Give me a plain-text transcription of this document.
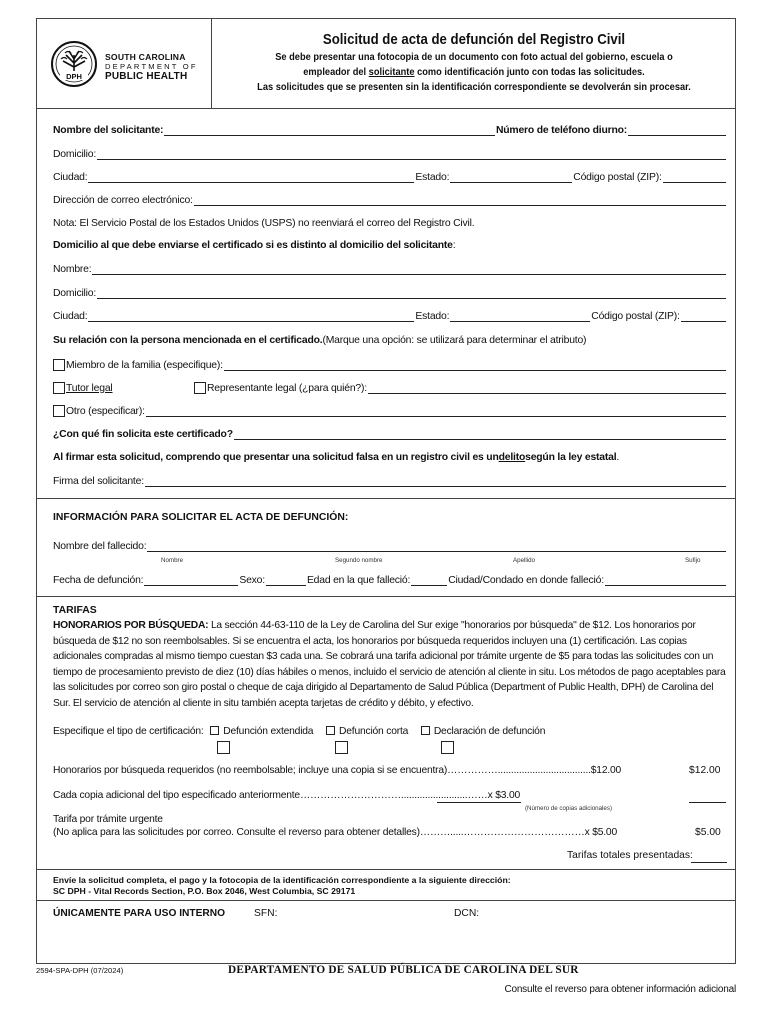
DPH
SOUTH CAROLINA
DEPARTMENT OF
PUBLIC HEALTH
Solicitud de acta de defunción del Registro Civil
Se debe presentar una fotocopia de un documento con foto actual del gobierno, escuela o
empleador del solicitante como identificación junto con todas las solicitudes.
Las solicitudes que se presenten sin la identificación correspondiente se devolverán sin procesar.
Nombre del solicitante:	Número de teléfono diurno:
Domicilio:
Ciudad:	Estado:	Código postal (ZIP):
Dirección de correo electrónico:
Nota: El Servicio Postal de los Estados Unidos (USPS) no reenviará el correo del Registro Civil.
Domicilio al que debe enviarse el certificado si es distinto al domicilio del solicitante :
Nombre:
Domicilio:
Ciudad:	Estado:	Código postal (ZIP):
Su relación con la persona mencionada en el certificado. (Marque una opción: se utilizará para determinar el atributo)
Miembro de la familia (especifique):
Tutor legal	Representante legal (¿para quién?):
Otro (especificar):
¿Con qué fin solicita este certificado?
Al firmar esta solicitud, comprendo que presentar una solicitud falsa en un registro civil es un delito según la ley estatal .
Firma del solicitante:
INFORMACIÓN PARA SOLICITAR EL ACTA DE DEFUNCIÓN:
Nombre del fallecido:
Nombre	Segundo nombre	Apellido	Sufijo
Fecha de defunción:	Sexo:	Edad en la que falleció:	Ciudad/Condado en donde falleció:
TARIFAS
HONORARIOS POR BÚSQUEDA: La sección 44-63-110 de la Ley de Carolina del Sur exige "honorarios por búsqueda" de $12. Los honorarios por búsqueda de $12 no son reembolsables. Si se encuentra el acta, los honorarios por búsqueda requeridos incluyen una (1) certificación. Las copias adicionales compradas al mismo tiempo cuestan $3 cada una. Se cobrará una tarifa adicional por trámite urgente de $5 para todas las solicitudes con un tiempo de procesamiento previsto de diez (10) días hábiles o menos, incluido el servicio de atención al cliente in situ. Los métodos de pago aceptables para las solicitudes por correo son giro postal o cheque de caja dirigido al Departamento de Salud Pública (Department of Public Health, DPH) de Carolina del Sur. El servicio de atención al cliente in situ también acepta tarjetas de crédito y débito, y efectivo.
Especifique el tipo de certificación: Defunción extendida Defunción corta Declaración de defunción
Honorarios por búsqueda requeridos (no reembolsable; incluye una copia si se encuentra)……………...................................$12.00	$12.00
Cada copia adicional del tipo especificado anteriormente………………………….........................……x $3.00
(Número de copias adicionales)
Tarifa por trámite urgente
(No aplica para las solicitudes por correo. Consulte el reverso para obtener detalles)……….....………………………………x $5.00	$5.00
Tarifas totales presentadas:
Envíe la solicitud completa, el pago y la fotocopia de la identificación correspondiente a la siguiente dirección:
SC DPH - Vital Records Section, P.O. Box 2046, West Columbia, SC 29171
ÚNICAMENTE PARA USO INTERNO	SFN:	DCN:
2594-SPA-DPH (07/2024)	DEPARTAMENTO DE SALUD PÚBLICA DE CAROLINA DEL SUR
Consulte el reverso para obtener información adicional
